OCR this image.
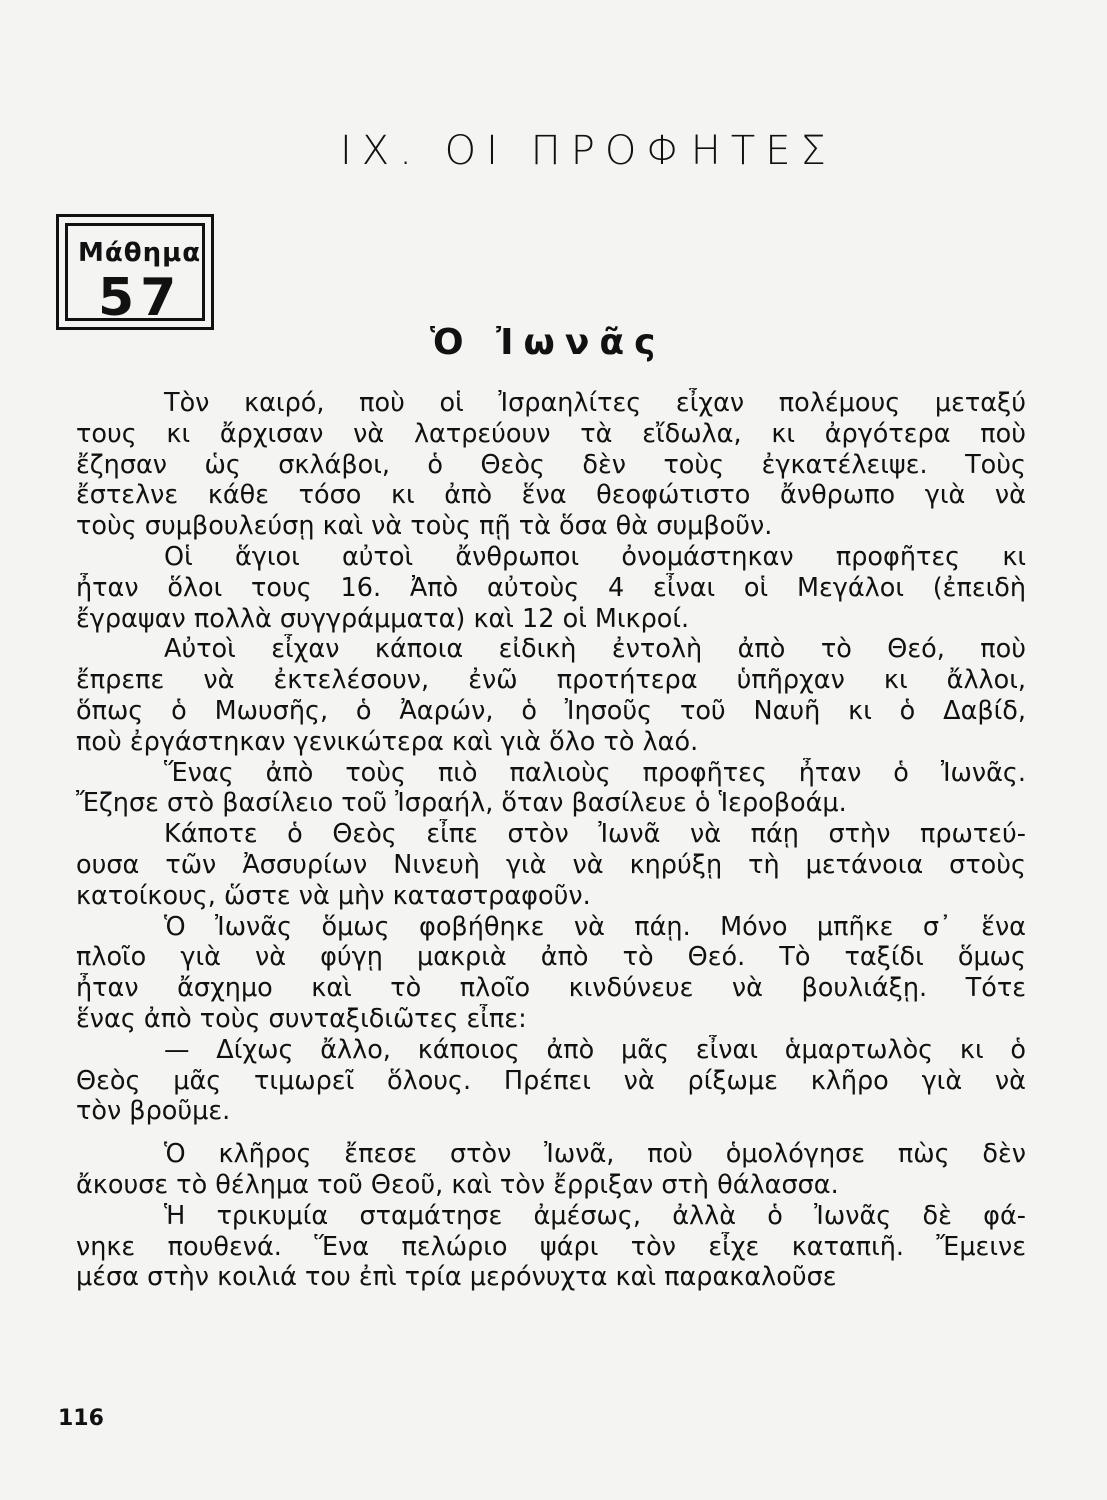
ΙΧ. ΟΙ ΠΡΟΦΗΤΕΣ
Μάθημα
57
Ὁ Ἰωνᾶς
Τὸν καιρό, ποὺ οἱ Ἰσραηλίτες εἶχαν πολέμους μεταξύ
τους κι ἄρχισαν νὰ λατρεύουν τὰ εἴδωλα, κι ἀργότερα ποὺ
ἔζησαν ὡς σκλάβοι, ὁ Θεὸς δὲν τοὺς ἐγκατέλειψε. Τοὺς
ἔστελνε κάθε τόσο κι ἀπὸ ἕνα θεοφώτιστο ἄνθρωπο γιὰ νὰ
τοὺς συμβουλεύσῃ καὶ νὰ τοὺς πῇ τὰ ὅσα θὰ συμβοῦν.
Οἱ ἅγιοι αὐτοὶ ἄνθρωποι ὀνομάστηκαν προφῆτες κι
ἦταν ὅλοι τους 16. Ἀπὸ αὐτοὺς 4 εἶναι οἱ Μεγάλοι (ἐπειδὴ
ἔγραψαν πολλὰ συγγράμματα) καὶ 12 οἱ Μικροί.
Αὐτοὶ εἶχαν κάποια εἰδικὴ ἐντολὴ ἀπὸ τὸ Θεό, ποὺ
ἔπρεπε νὰ ἐκτελέσουν, ἐνῶ προτήτερα ὑπῆρχαν κι ἄλλοι,
ὅπως ὁ Μωυσῆς, ὁ Ἀαρών, ὁ Ἰησοῦς τοῦ Ναυῆ κι ὁ Δαβίδ,
ποὺ ἐργάστηκαν γενικώτερα καὶ γιὰ ὅλο τὸ λαό.
Ἕνας ἀπὸ τοὺς πιὸ παλιοὺς προφῆτες ἦταν ὁ Ἰωνᾶς.
Ἔζησε στὸ βασίλειο τοῦ Ἰσραήλ, ὅταν βασίλευε ὁ Ἱεροβοάμ.
Κάποτε ὁ Θεὸς εἶπε στὸν Ἰωνᾶ νὰ πάῃ στὴν πρωτεύ-
ουσα τῶν Ἀσσυρίων Νινευὴ γιὰ νὰ κηρύξῃ τὴ μετάνοια στοὺς
κατοίκους, ὥστε νὰ μὴν καταστραφοῦν.
Ὁ Ἰωνᾶς ὅμως φοβήθηκε νὰ πάῃ. Μόνο μπῆκε σ᾿ ἕνα
πλοῖο γιὰ νὰ φύγῃ μακριὰ ἀπὸ τὸ Θεό. Τὸ ταξίδι ὅμως
ἦταν ἄσχημο καὶ τὸ πλοῖο κινδύνευε νὰ βουλιάξῃ. Τότε
ἕνας ἀπὸ τοὺς συνταξιδιῶτες εἶπε:
— Δίχως ἄλλο, κάποιος ἀπὸ μᾶς εἶναι ἁμαρτωλὸς κι ὁ
Θεὸς μᾶς τιμωρεῖ ὅλους. Πρέπει νὰ ρίξωμε κλῆρο γιὰ νὰ
τὸν βροῦμε.
Ὁ κλῆρος ἔπεσε στὸν Ἰωνᾶ, ποὺ ὁμολόγησε πὼς δὲν
ἄκουσε τὸ θέλημα τοῦ Θεοῦ, καὶ τὸν ἔρριξαν στὴ θάλασσα.
Ἡ τρικυμία σταμάτησε ἀμέσως, ἀλλὰ ὁ Ἰωνᾶς δὲ φά-
νηκε πουθενά. Ἕνα πελώριο ψάρι τὸν εἶχε καταπιῆ. Ἔμεινε
μέσα στὴν κοιλιά του ἐπὶ τρία μερόνυχτα καὶ παρακαλοῦσε
116
